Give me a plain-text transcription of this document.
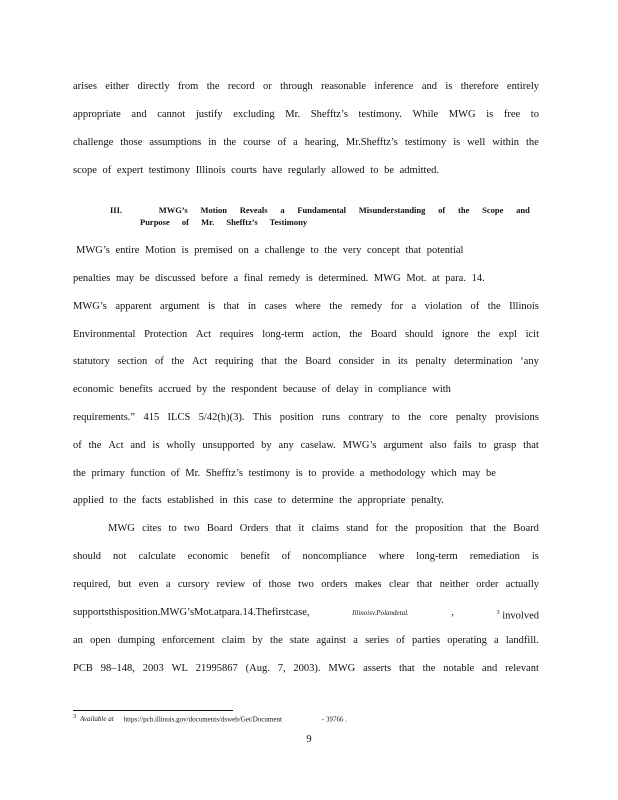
arises either directly from the record or through reasonable inference and is therefore entirely
appropriate and cannot justify excluding Mr. Shefftz’s testimony. While MWG is free to
challenge those assumptions in the course of a hearing, Mr.Shefftz’s testimony is well within the
scope of expert testimony Illinois courts have regularly allowed to be admitted.
III.	MWG’s Motion Reveals a Fundamental Misunderstanding of the Scope and
Purpose of Mr. Shefftz’s Testimony
MWG’s entire Motion is premised on a challenge to the very concept that potential
penalties may be discussed before a final remedy is determined. MWG Mot. at para. 14.
MWG’s apparent argument is that in cases where the remedy for a violation of the Illinois
Environmental Protection Act requires long-term action, the Board should ignore the expl icit
statutory section of the Act requiring that the Board consider in its penalty determination ‘any
economic benefits accrued by the respondent because of delay in compliance with
requirements.” 415 ILCS 5/42(h)(3). This position runs contrary to the core penalty provisions
of the Act and is wholly unsupported by any caselaw. MWG’s argument also fails to grasp that
the primary function of Mr. Shefftz’s testimony is to provide a methodology which may be
applied to the facts established in this case to determine the appropriate penalty.
MWG cites to two Board Orders that it claims stand for the proposition that the Board
should not calculate economic benefit of noncompliance where long-term remediation is
required, but even a cursory review of those two orders makes clear that neither order actually
supportsthisposition.MWG’sMot.atpara.14.Thefirstcase,	Illinoisv.Polandetal.	,	$^3$ involved
an open dumping enforcement claim by the state against a series of parties operating a landfill.
PCB 98–148, 2003 WL 21995867 (Aug. 7, 2003). MWG asserts that the notable and relevant
$^3$ Available at https://pcb.illinois.gov/documents/dsweb/Get/Document	- 39766 .
9
